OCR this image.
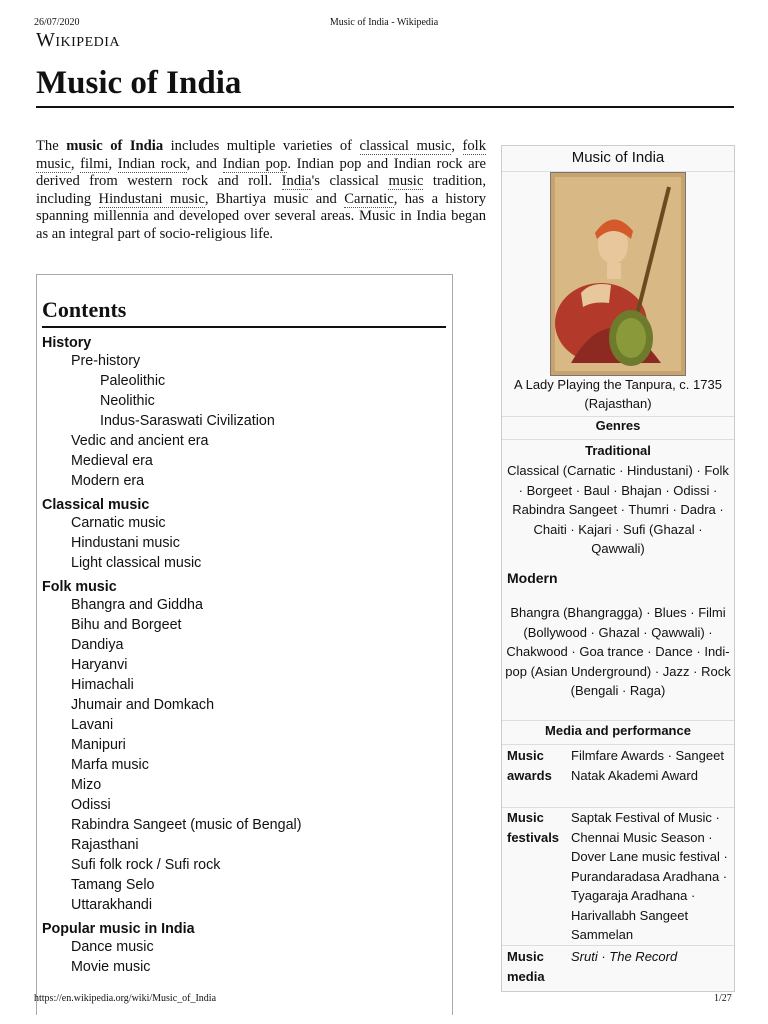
26/07/2020	Music of India - Wikipedia
Wikipedia
Music of India
The music of India includes multiple varieties of classical music, folk music, filmi, Indian rock, and Indian pop. Indian pop and Indian rock are derived from western rock and roll. India's classical music tradition, including Hindustani music, Bhartiya music and Carnatic, has a history spanning millennia and developed over several areas. Music in India began as an integral part of socio-religious life.
Contents
History
Pre-history
Paleolithic
Neolithic
Indus-Saraswati Civilization
Vedic and ancient era
Medieval era
Modern era
Classical music
Carnatic music
Hindustani music
Light classical music
Folk music
Bhangra and Giddha
Bihu and Borgeet
Dandiya
Haryanvi
Himachali
Jhumair and Domkach
Lavani
Manipuri
Marfa music
Mizo
Odissi
Rabindra Sangeet (music of Bengal)
Rajasthani
Sufi folk rock / Sufi rock
Tamang Selo
Uttarakhandi
Popular music in India
Dance music
Movie music
Music of India
A Lady Playing the Tanpura, c. 1735 (Rajasthan)
Genres
Traditional
Classical (Carnatic · Hindustani) · Folk · Borgeet · Baul · Bhajan · Odissi · Rabindra Sangeet · Thumri · Dadra · Chaiti · Kajari · Sufi (Ghazal · Qawwali)
Modern
Bhangra (Bhangragga) · Blues · Filmi (Bollywood · Ghazal · Qawwali) · Chakwood · Goa trance · Dance · Indi-pop (Asian Underground) · Jazz · Rock (Bengali · Raga)
Media and performance
Music awards
Filmfare Awards · Sangeet Natak Akademi Award
Music festivals
Saptak Festival of Music · Chennai Music Season · Dover Lane music festival · Purandaradasa Aradhana · Tyagaraja Aradhana · Harivallabh Sangeet Sammelan
Music media
Sruti · The Record
https://en.wikipedia.org/wiki/Music_of_India	1/27
